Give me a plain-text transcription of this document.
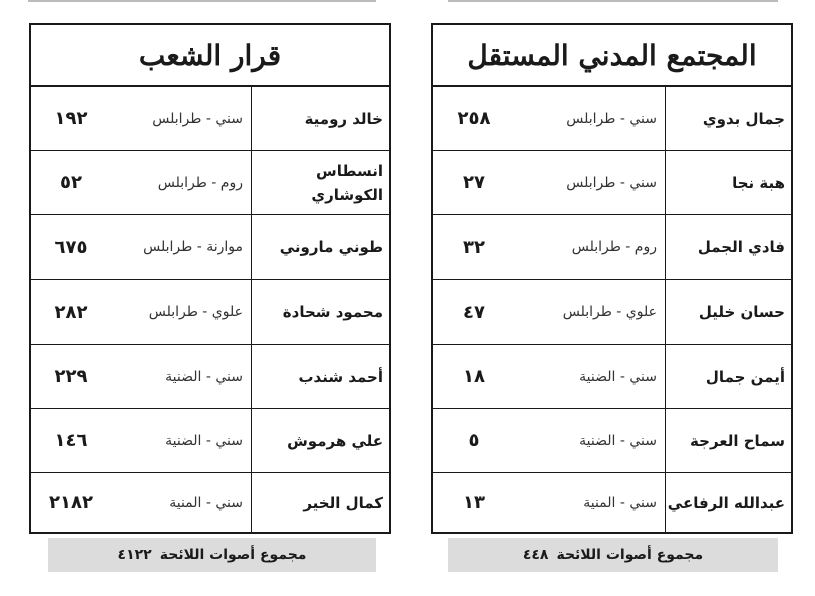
المجتمع المدني المستقل
جمال بدوي
سني - طرابلس
٢٥٨
هبة نجا
سني - طرابلس
٢٧
فادي الجمل
روم - طرابلس
٣٢
حسان خليل
علوي - طرابلس
٤٧
أيمن جمال
سني - الضنية
١٨
سماح العرجة
سني - الضنية
٥
عبدالله الرفاعي
سني - المنية
١٣
قرار الشعب
خالد رومية
سني - طرابلس
١٩٢
انسطاس الكوشاري
روم - طرابلس
٥٢
طوني ماروني
موارنة - طرابلس
٦٧٥
محمود شحادة
علوي - طرابلس
٢٨٢
أحمد شندب
سني - الضنية
٢٢٩
علي هرموش
سني - الضنية
١٤٦
كمال الخير
سني - المنية
٢١٨٢
مجموع أصوات اللائحة
٤٤٨
مجموع أصوات اللائحة
٤١٢٢
